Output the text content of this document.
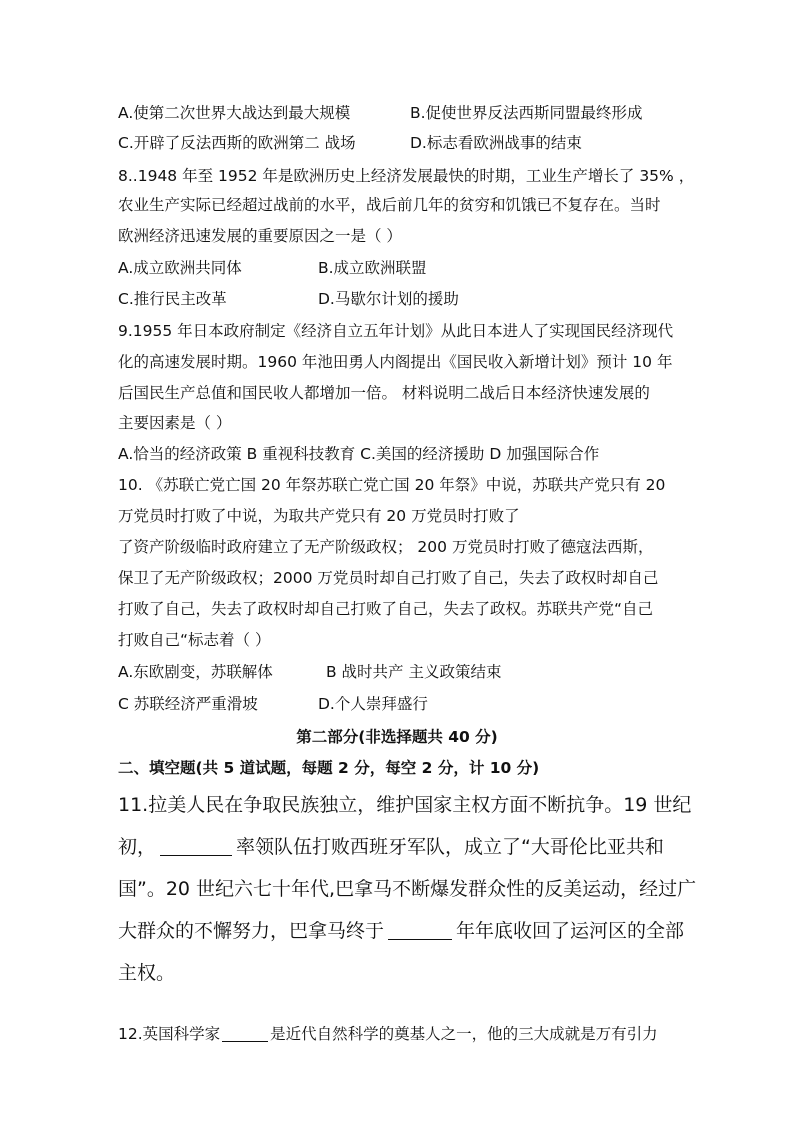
A.使第二次世界大战达到最大规模	B.促使世界反法西斯同盟最终形成
C.开辟了反法西斯的欧洲第二 战场	D.标志看欧洲战事的结束
8..1948 年至 1952 年是欧洲历史上经济发展最快的时期，工业生产增长了 35% ，
农业生产实际已经超过战前的水平，战后前几年的贫穷和饥饿已不复存在。当时
欧洲经济迅速发展的重要原因之一是（ ）
A.成立欧洲共同体	B.成立欧洲联盟
C.推行民主改革	D.马歇尔计划的援助
9.1955 年日本政府制定《经济自立五年计划》从此日本进人了实现国民经济现代
化的高速发展时期。1960 年池田勇人内阁提出《国民收入新增计划》预计 10 年
后国民生产总值和国民收人都增加一倍。 材料说明二战后日本经济快速发展的
主要因素是（ ）
A.恰当的经济政策 B 重视科技教育 C.美国的经济援助 D 加强国际合作
10. 《苏联亡党亡国 20 年祭苏联亡党亡国 20 年祭》中说，苏联共产党只有 20
万党员时打败了中说，为取共产党只有 20 万党员时打败了
了资产阶级临时政府建立了无产阶级政权； 200 万党员时打败了德寇法西斯，
保卫了无产阶级政权；2000 万党员时却自己打败了自己，失去了政权时却自己
打败了自己，失去了政权时却自己打败了自己，失去了政权。苏联共产党“自己
打败自己“标志着（ ）
A.东欧剧变，苏联解体	B 战时共产 主义政策结束
C 苏联经济严重滑坡	D.个人崇拜盛行
第二部分(非选择题共 40 分)
二、填空题(共 5 道试题，每题 2 分，每空 2 分，计 10 分)
11.拉美人民在争取民族独立，维护国家主权方面不断抗争。19 世纪
初，	率领队伍打败西班牙军队，成立了“大哥伦比亚共和
国”。20 世纪六七十年代,巴拿马不断爆发群众性的反美运动，经过广
大群众的不懈努力，巴拿马终于	年年底收回了运河区的全部
主权。
12.英国科学家	是近代自然科学的奠基人之一，他的三大成就是万有引力
